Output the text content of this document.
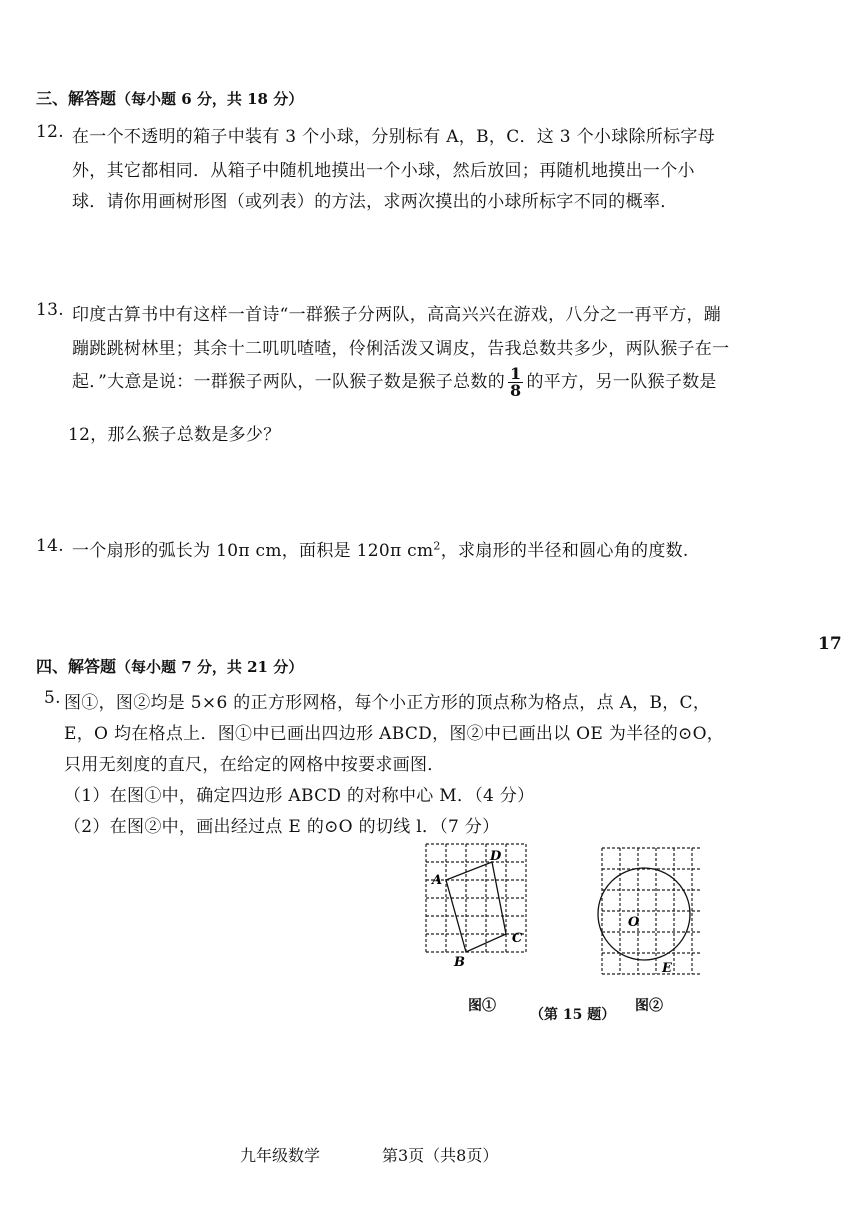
三、解答题（每小题 6 分，共 18 分）
12. 在一个不透明的箱子中装有 3 个小球，分别标有 A，B，C．这 3 个小球除所标字母
外，其它都相同．从箱子中随机地摸出一个小球，然后放回；再随机地摸出一个小
球．请你用画树形图（或列表）的方法，求两次摸出的小球所标字不同的概率．
13. 印度古算书中有这样一首诗“一群猴子分两队，高高兴兴在游戏，八分之一再平方，蹦
蹦跳跳树林里；其余十二叽叽喳喳，伶俐活泼又调皮，告我总数共多少，两队猴子在一
起．”大意是说：一群猴子两队，一队猴子数是猴子总数的 $\frac{1}{8}$ 的平方，另一队猴子数是
12，那么猴子总数是多少？
14. 一个扇形的弧长为 10π cm，面积是 120π $cm^2$，求扇形的半径和圆心角的度数.
17
四、解答题（每小题 7 分，共 21 分）
5. 图①，图②均是 5×6 的正方形网格，每个小正方形的顶点称为格点，点 A，B，C，
E，O 均在格点上．图①中已画出四边形 ABCD，图②中已画出以 OE 为半径的⊙O，
只用无刻度的直尺，在给定的网格中按要求画图．
（1）在图①中，确定四边形 ABCD 的对称中心 M．（4 分）
（2）在图②中，画出经过点 E 的⊙O 的切线 l．（7 分）
A
B
C
D
O
E
图①
（第 15 题）
图②
九年级数学	第3页（共8页）
